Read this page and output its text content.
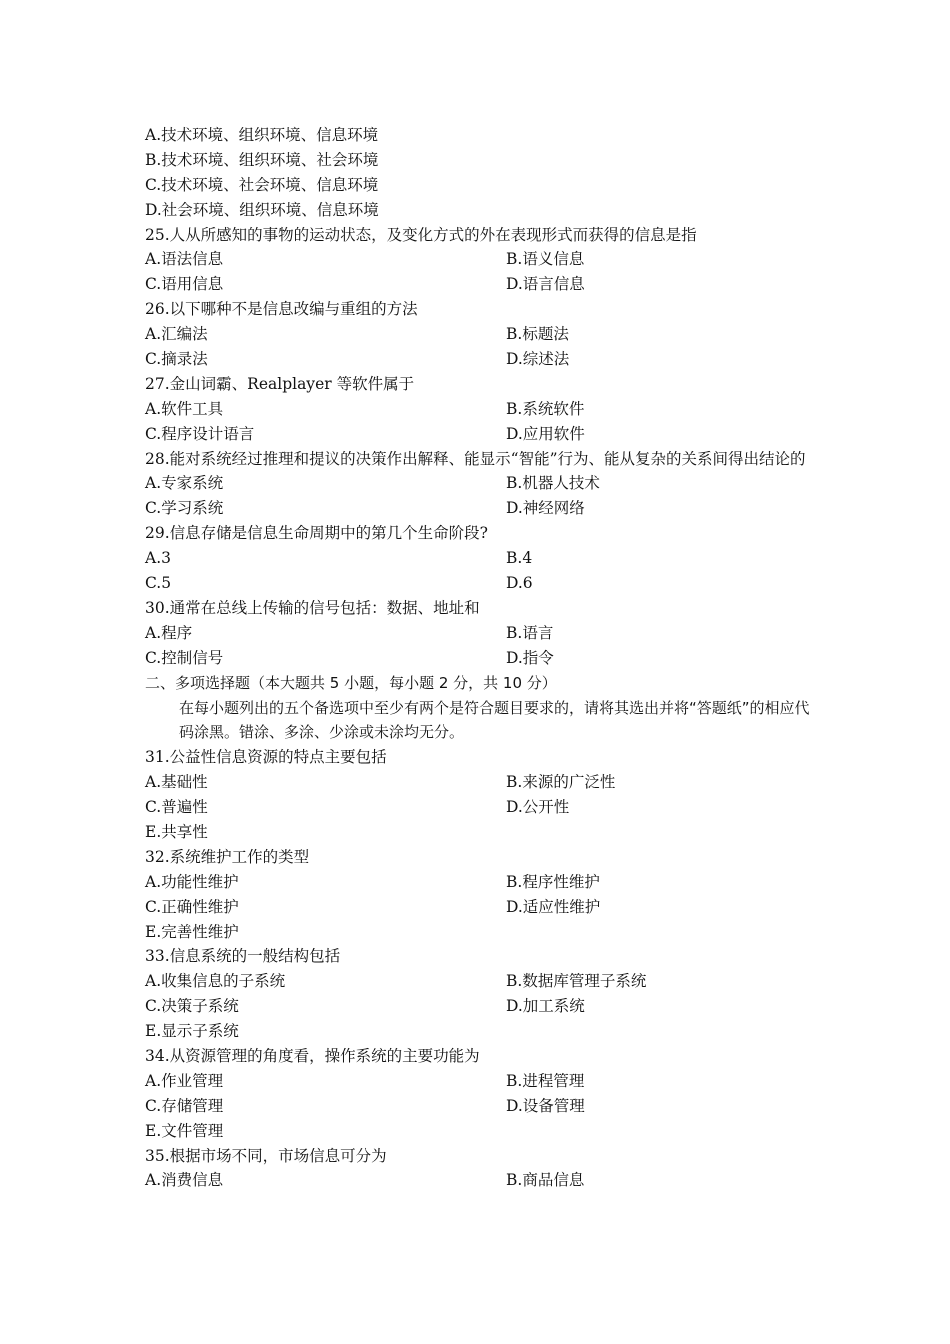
A.技术环境、组织环境、信息环境
B.技术环境、组织环境、社会环境
C.技术环境、社会环境、信息环境
D.社会环境、组织环境、信息环境
25.人从所感知的事物的运动状态，及变化方式的外在表现形式而获得的信息是指
A.语法信息	B.语义信息
C.语用信息	D.语言信息
26.以下哪种不是信息改编与重组的方法
A.汇编法	B.标题法
C.摘录法	D.综述法
27.金山词霸、Realplayer 等软件属于
A.软件工具	B.系统软件
C.程序设计语言	D.应用软件
28.能对系统经过推理和提议的决策作出解释、能显示“智能”行为、能从复杂的关系间得出结论的
A.专家系统	B.机器人技术
C.学习系统	D.神经网络
29.信息存储是信息生命周期中的第几个生命阶段?
A.3	B.4
C.5	D.6
30.通常在总线上传输的信号包括：数据、地址和
A.程序	B.语言
C.控制信号	D.指令
二、多项选择题（本大题共 5 小题，每小题 2 分，共 10 分）
在每小题列出的五个备选项中至少有两个是符合题目要求的，请将其选出并将“答题纸”的相应代码涂黑。错涂、多涂、少涂或未涂均无分。
31.公益性信息资源的特点主要包括
A.基础性	B.来源的广泛性
C.普遍性	D.公开性
E.共享性
32.系统维护工作的类型
A.功能性维护	B.程序性维护
C.正确性维护	D.适应性维护
E.完善性维护
33.信息系统的一般结构包括
A.收集信息的子系统	B.数据库管理子系统
C.决策子系统	D.加工系统
E.显示子系统
34.从资源管理的角度看，操作系统的主要功能为
A.作业管理	B.进程管理
C.存储管理	D.设备管理
E.文件管理
35.根据市场不同，市场信息可分为
A.消费信息	B.商品信息
